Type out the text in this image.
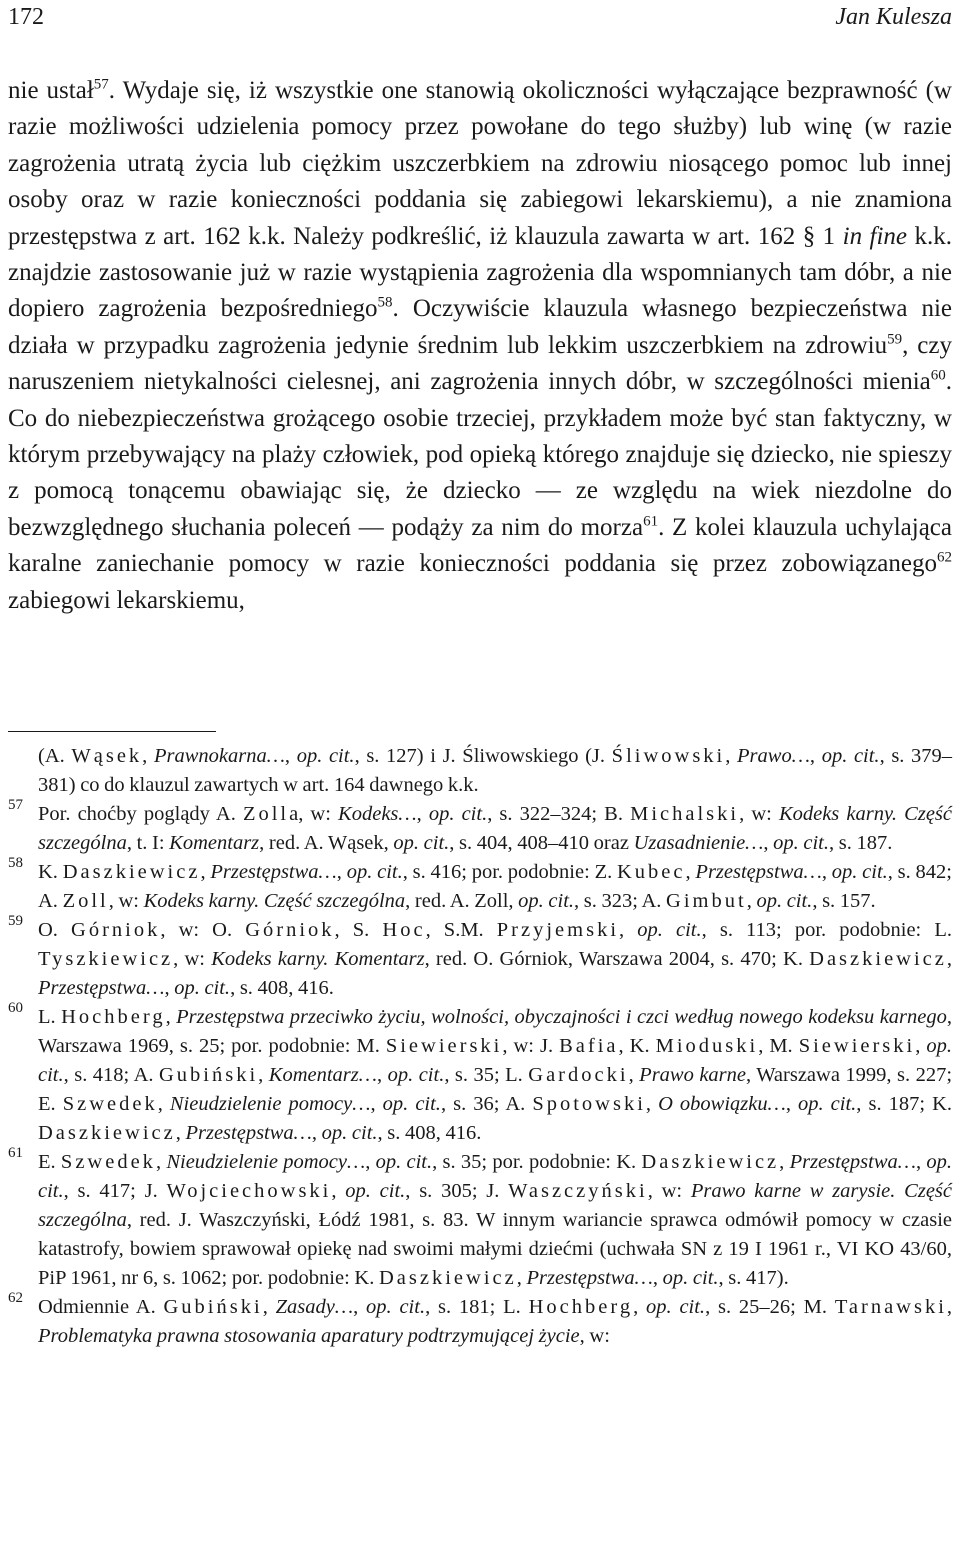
172	Jan Kulesza

nie ustał$^{57}$. Wydaje się, iż wszystkie one stanowią okoliczności wyłączające bezprawność (w razie możliwości udzielenia pomocy przez powołane do tego służby) lub winę (w razie zagrożenia utratą życia lub ciężkim uszczerbkiem na zdrowiu niosącego pomoc lub innej osoby oraz w razie konieczności poddania się zabiegowi lekarskiemu), a nie znamiona przestępstwa z art. 162 k.k. Należy podkreślić, iż klauzula zawarta w art. 162 § 1 in fine k.k. znajdzie zastosowanie już w razie wystąpienia zagrożenia dla wspomnianych tam dóbr, a nie dopiero zagrożenia bezpośredniego$^{58}$. Oczywiście klauzula własnego bezpieczeństwa nie działa w przypadku zagrożenia jedynie średnim lub lekkim uszczerbkiem na zdrowiu$^{59}$, czy naruszeniem nietykalności cielesnej, ani zagrożenia innych dóbr, w szczególności mienia$^{60}$. Co do niebezpieczeństwa grożącego osobie trzeciej, przykładem może być stan faktyczny, w którym przebywający na plaży człowiek, pod opieką którego znajduje się dziecko, nie spieszy z pomocą tonącemu obawiając się, że dziecko — ze względu na wiek niezdolne do bezwzględnego słuchania poleceń — podąży za nim do morza$^{61}$. Z kolei klauzula uchylająca karalne zaniechanie pomocy w razie konieczności poddania się przez zobowiązanego$^{62}$ zabiegowi lekarskiemu,

(A. Wąsek, Prawnokarna…, op. cit., s. 127) i J. Śliwowskiego (J. Śliwowski, Prawo…, op. cit., s. 379–381) co do klauzul zawartych w art. 164 dawnego k.k.
57 Por. choćby poglądy A. Zolla, w: Kodeks…, op. cit., s. 322–324; B. Michalski, w: Kodeks karny. Część szczególna, t. I: Komentarz, red. A. Wąsek, op. cit., s. 404, 408–410 oraz Uzasadnienie…, op. cit., s. 187.
58 K. Daszkiewicz, Przestępstwa…, op. cit., s. 416; por. podobnie: Z. Kubec, Przestępstwa…, op. cit., s. 842; A. Zoll, w: Kodeks karny. Część szczególna, red. A. Zoll, op. cit., s. 323; A. Gimbut, op. cit., s. 157.
59 O. Górniok, w: O. Górniok, S. Hoc, S.M. Przyjemski, op. cit., s. 113; por. podobnie: L. Tyszkiewicz, w: Kodeks karny. Komentarz, red. O. Górniok, Warszawa 2004, s. 470; K. Daszkiewicz, Przestępstwa…, op. cit., s. 408, 416.
60 L. Hochberg, Przestępstwa przeciwko życiu, wolności, obyczajności i czci według nowego kodeksu karnego, Warszawa 1969, s. 25; por. podobnie: M. Siewierski, w: J. Bafia, K. Mioduski, M. Siewierski, op. cit., s. 418; A. Gubiński, Komentarz…, op. cit., s. 35; L. Gardocki, Prawo karne, Warszawa 1999, s. 227; E. Szwedek, Nieudzielenie pomocy…, op. cit., s. 36; A. Spotowski, O obowiązku…, op. cit., s. 187; K. Daszkiewicz, Przestępstwa…, op. cit., s. 408, 416.
61 E. Szwedek, Nieudzielenie pomocy…, op. cit., s. 35; por. podobnie: K. Daszkiewicz, Przestępstwa…, op. cit., s. 417; J. Wojciechowski, op. cit., s. 305; J. Waszczyński, w: Prawo karne w zarysie. Część szczególna, red. J. Waszczyński, Łódź 1981, s. 83. W innym wariancie sprawca odmówił pomocy w czasie katastrofy, bowiem sprawował opiekę nad swoimi małymi dziećmi (uchwała SN z 19 I 1961 r., VI KO 43/60, PiP 1961, nr 6, s. 1062; por. podobnie: K. Daszkiewicz, Przestępstwa…, op. cit., s. 417).
62 Odmiennie A. Gubiński, Zasady…, op. cit., s. 181; L. Hochberg, op. cit., s. 25–26; M. Tarnawski, Problematyka prawna stosowania aparatury podtrzymującej życie, w:
